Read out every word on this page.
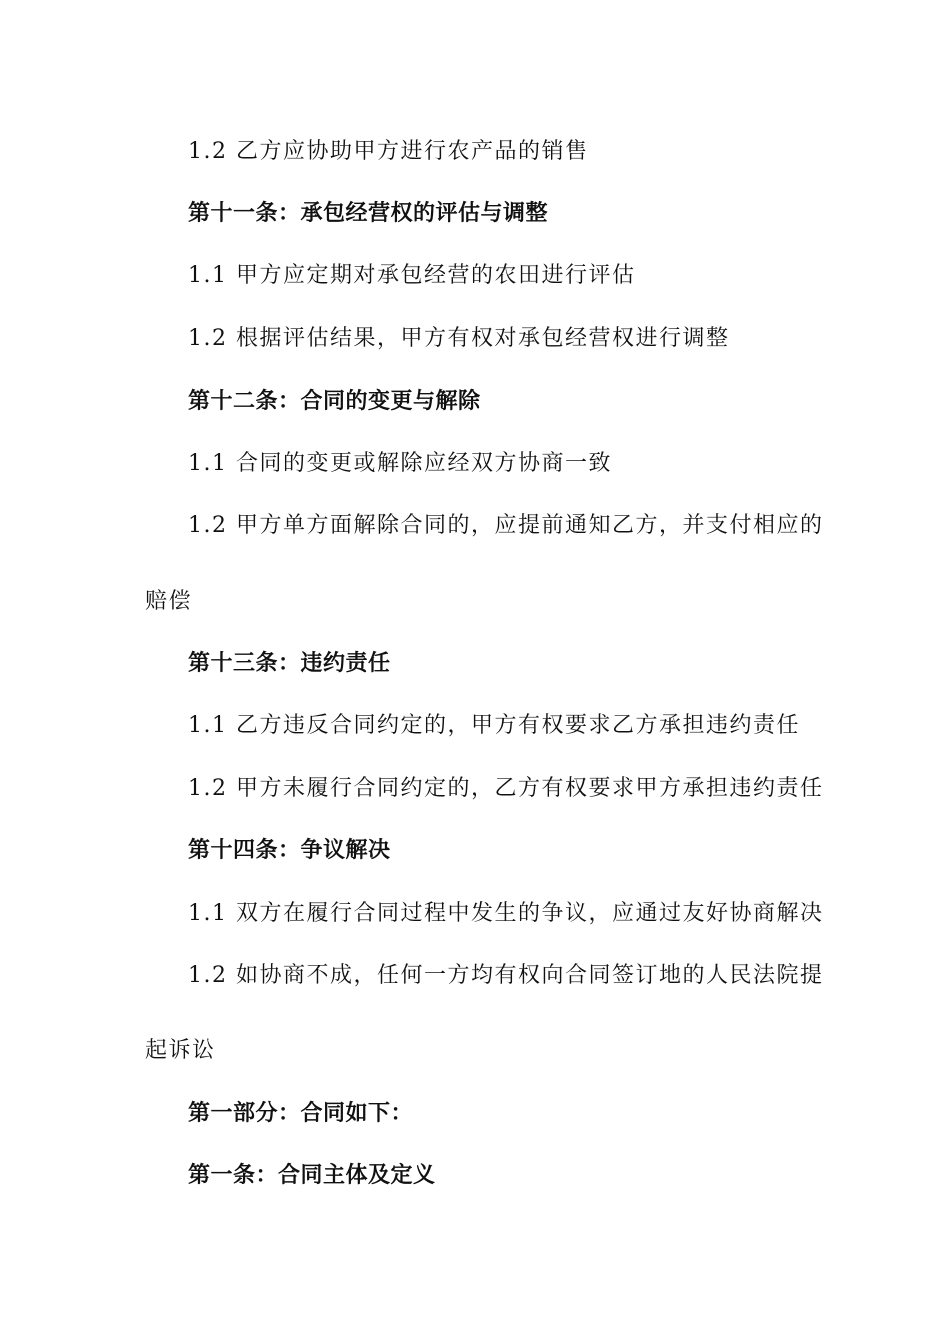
1.2 乙方应协助甲方进行农产品的销售
第十一条：承包经营权的评估与调整
1.1 甲方应定期对承包经营的农田进行评估
1.2 根据评估结果，甲方有权对承包经营权进行调整
第十二条：合同的变更与解除
1.1 合同的变更或解除应经双方协商一致
1.2 甲方单方面解除合同的，应提前通知乙方，并支付相应的
赔偿
第十三条：违约责任
1.1 乙方违反合同约定的，甲方有权要求乙方承担违约责任
1.2 甲方未履行合同约定的，乙方有权要求甲方承担违约责任
第十四条：争议解决
1.1 双方在履行合同过程中发生的争议，应通过友好协商解决
1.2 如协商不成，任何一方均有权向合同签订地的人民法院提
起诉讼
第一部分：合同如下：
第一条：合同主体及定义
